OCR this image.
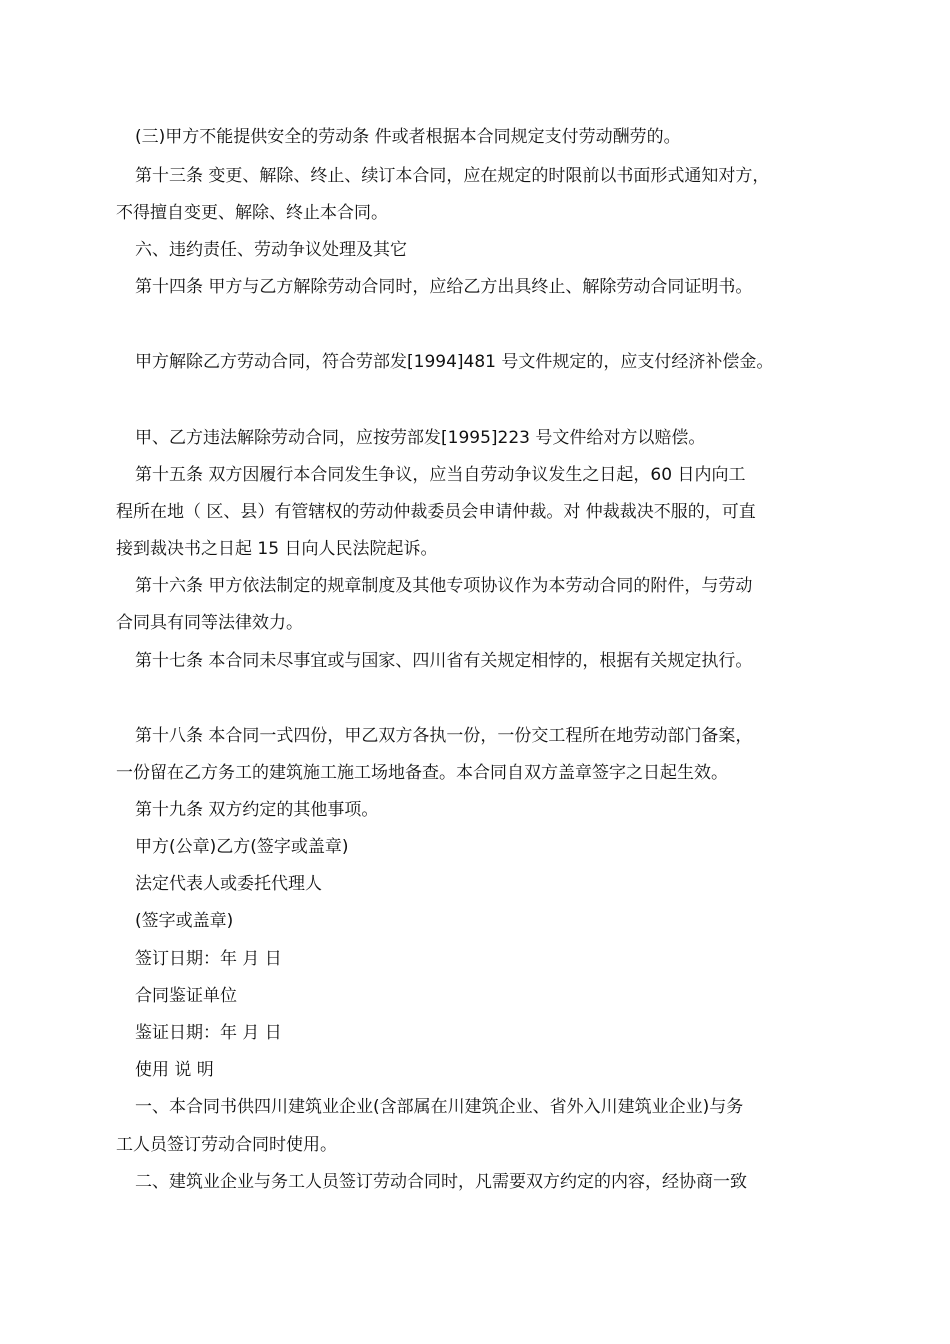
(三)甲方不能提供安全的劳动条 件或者根据本合同规定支付劳动酬劳的。
第十三条 变更、解除、终止、续订本合同，应在规定的时限前以书面形式通知对方，
不得擅自变更、解除、终止本合同。
六、违约责任、劳动争议处理及其它
第十四条 甲方与乙方解除劳动合同时，应给乙方出具终止、解除劳动合同证明书。
甲方解除乙方劳动合同，符合劳部发[1994]481 号文件规定的，应支付经济补偿金。
甲、乙方违法解除劳动合同，应按劳部发[1995]223 号文件给对方以赔偿。
第十五条 双方因履行本合同发生争议，应当自劳动争议发生之日起，60 日内向工
程所在地（ 区、县）有管辖权的劳动仲裁委员会申请仲裁。对 仲裁裁决不服的，可直
接到裁决书之日起 15 日向人民法院起诉。
第十六条 甲方依法制定的规章制度及其他专项协议作为本劳动合同的附件，与劳动
合同具有同等法律效力。
第十七条 本合同未尽事宜或与国家、四川省有关规定相悖的，根据有关规定执行。
第十八条 本合同一式四份，甲乙双方各执一份，一份交工程所在地劳动部门备案，
一份留在乙方务工的建筑施工施工场地备查。本合同自双方盖章签字之日起生效。
第十九条 双方约定的其他事项。
甲方(公章)乙方(签字或盖章)
法定代表人或委托代理人
(签字或盖章)
签订日期：年 月 日
合同鉴证单位
鉴证日期：年 月 日
使用 说 明
一、本合同书供四川建筑业企业(含部属在川建筑企业、省外入川建筑业企业)与务
工人员签订劳动合同时使用。
二、建筑业企业与务工人员签订劳动合同时，凡需要双方约定的内容，经协商一致
